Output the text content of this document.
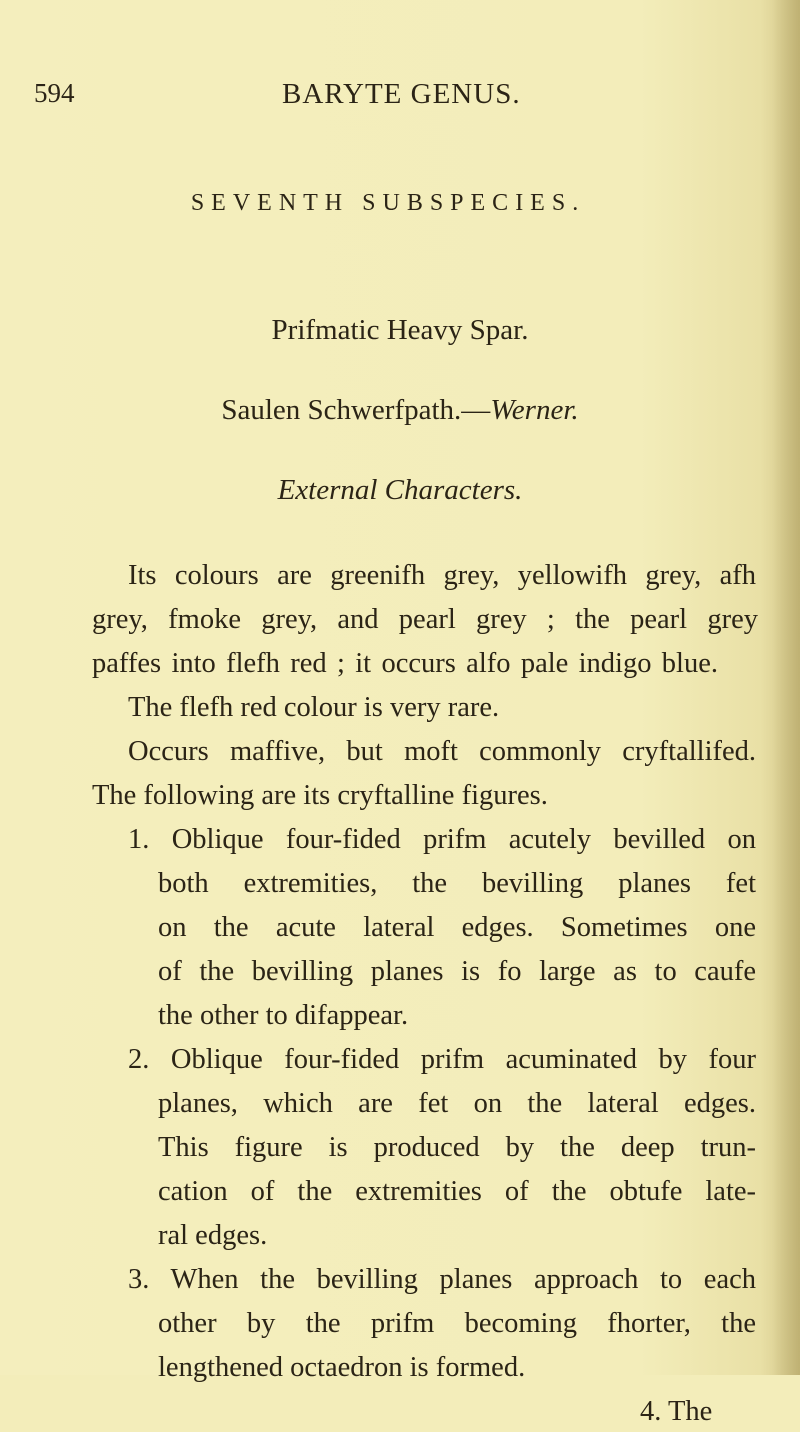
594	BARYTE GENUS.
SEVENTH SUBSPECIES.
Prifmatic Heavy Spar.
Saulen Schwerfpath.—Werner.
External Characters.
Its colours are greenifh grey, yellowifh grey, afh
grey, fmoke grey, and pearl grey ; the pearl grey
paffes into flefh red ; it occurs alfo pale indigo blue.
The flefh red colour is very rare.
Occurs maffive, but moft commonly cryftallifed.
The following are its cryftalline figures.
1. Oblique four-fided prifm acutely bevilled on
both extremities, the bevilling planes fet
on the acute lateral edges. Sometimes one
of the bevilling planes is fo large as to caufe
the other to difappear.
2. Oblique four-fided prifm acuminated by four
planes, which are fet on the lateral edges.
This figure is produced by the deep trun-
cation of the extremities of the obtufe late-
ral edges.
3. When the bevilling planes approach to each
other by the prifm becoming fhorter, the
lengthened octaedron is formed.
4. The
